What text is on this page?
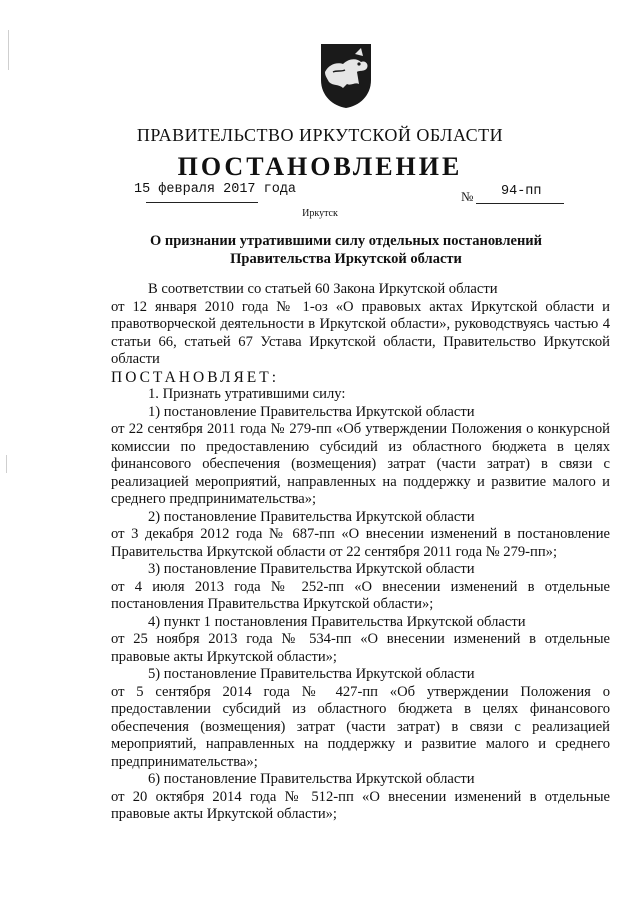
ПРАВИТЕЛЬСТВО ИРКУТСКОЙ ОБЛАСТИ
ПОСТАНОВЛЕНИЕ
15 февраля 2017 года	№ 94-пп
Иркутск
О признании утратившими силу отдельных постановлений
Правительства Иркутской области

В соответствии со статьей 60 Закона Иркутской области

от 12 января 2010 года № 1-оз «О правовых актах Иркутской области и правотворческой деятельности в Иркутской области», руководствуясь частью 4 статьи 66, статьей 67 Устава Иркутской области, Правительство Иркутской области

ПОСТАНОВЛЯЕТ:

1. Признать утратившими силу:

1) постановление Правительства Иркутской области

от 22 сентября 2011 года № 279-пп «Об утверждении Положения о конкурсной комиссии по предоставлению субсидий из областного бюджета в целях финансового обеспечения (возмещения) затрат (части затрат) в связи с реализацией мероприятий, направленных на поддержку и развитие малого и среднего предпринимательства»;

2) постановление Правительства Иркутской области

от 3 декабря 2012 года № 687-пп «О внесении изменений в постановление Правительства Иркутской области от 22 сентября 2011 года № 279-пп»;

3) постановление Правительства Иркутской области

от 4 июля 2013 года № 252-пп «О внесении изменений в отдельные постановления Правительства Иркутской области»;

4) пункт 1 постановления Правительства Иркутской области

от 25 ноября 2013 года № 534-пп «О внесении изменений в отдельные правовые акты Иркутской области»;

5) постановление Правительства Иркутской области

от 5 сентября 2014 года № 427-пп «Об утверждении Положения о предоставлении субсидий из областного бюджета в целях финансового обеспечения (возмещения) затрат (части затрат) в связи с реализацией мероприятий, направленных на поддержку и развитие малого и среднего предпринимательства»;

6) постановление Правительства Иркутской области

от 20 октября 2014 года № 512-пп «О внесении изменений в отдельные правовые акты Иркутской области»;
